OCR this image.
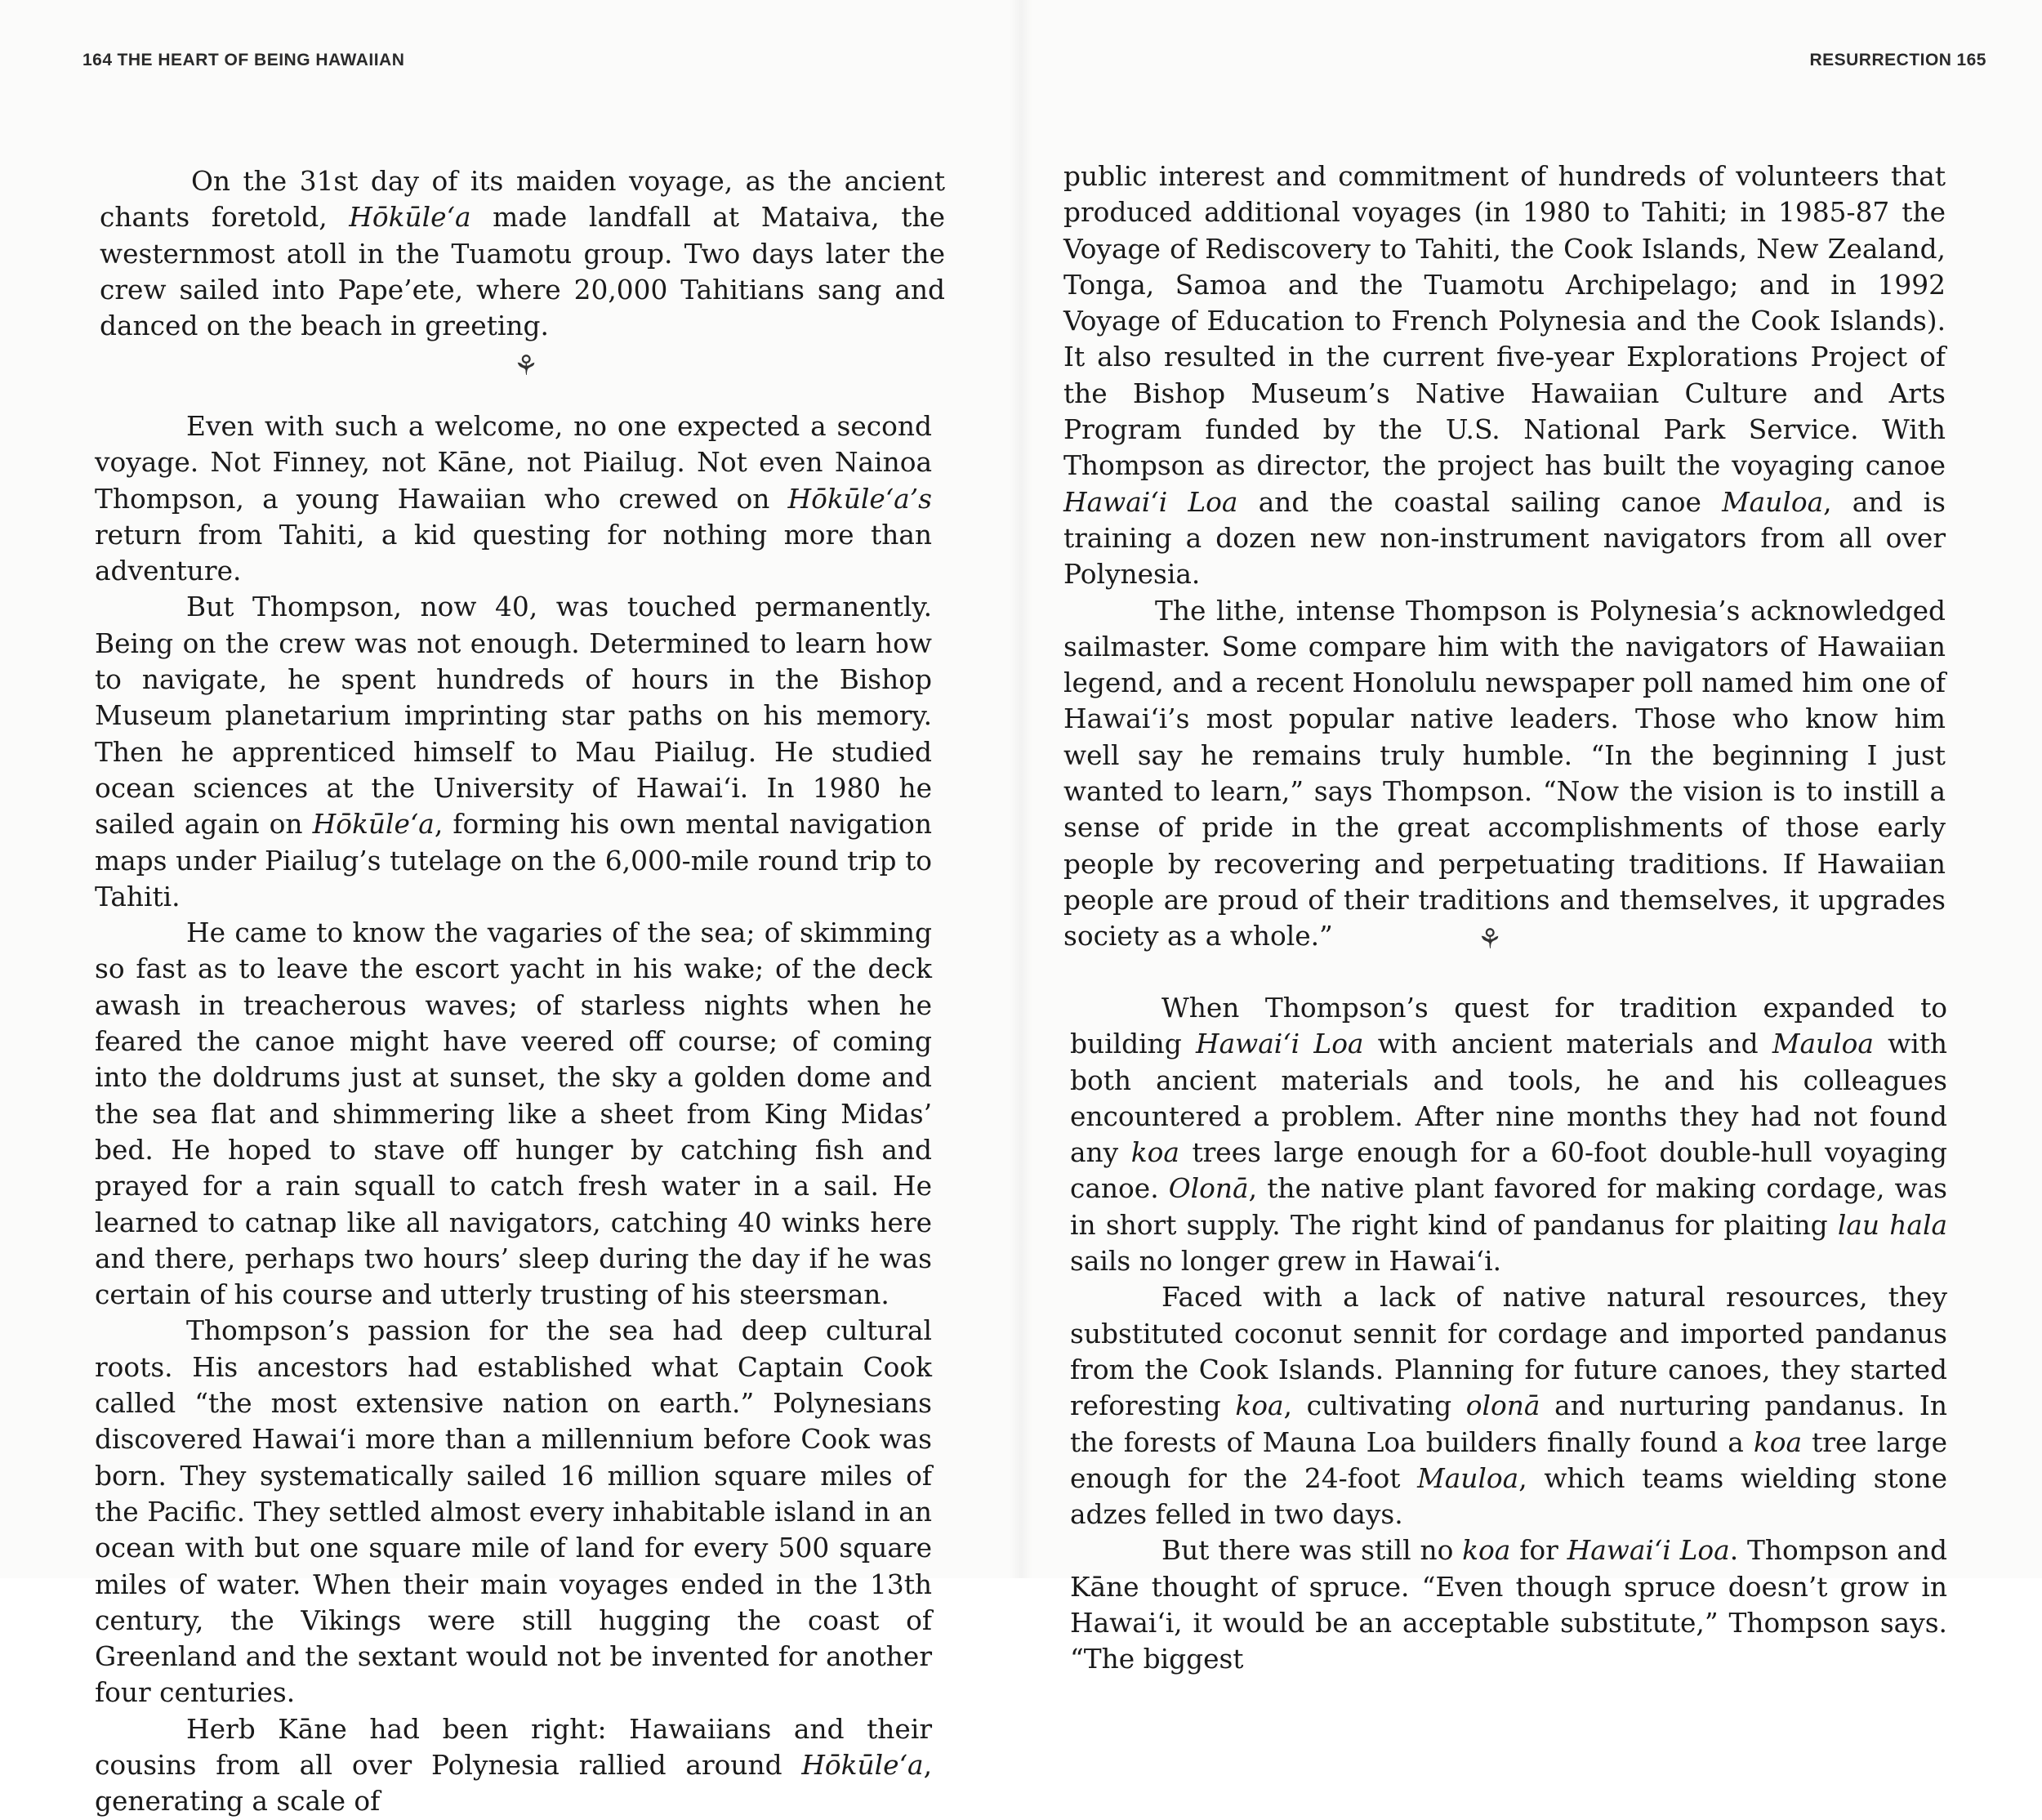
164 THE HEART OF BEING HAWAIIAN

On the 31st day of its maiden voyage, as the ancient chants foretold, Hōkūle‘a made landfall at Mataiva, the westernmost atoll in the Tuamotu group. Two days later the crew sailed into Pape’ete, where 20,000 Tahitians sang and danced on the beach in greeting.

⚘

Even with such a welcome, no one expected a second voyage. Not Finney, not Kāne, not Piailug. Not even Nainoa Thompson, a young Hawaiian who crewed on Hōkūle‘a’s return from Tahiti, a kid questing for nothing more than adventure.

But Thompson, now 40, was touched permanently. Being on the crew was not enough. Determined to learn how to navigate, he spent hundreds of hours in the Bishop Museum planetarium imprinting star paths on his memory. Then he apprenticed himself to Mau Piailug. He studied ocean sciences at the University of Hawai‘i. In 1980 he sailed again on Hōkūle‘a, forming his own mental navigation maps under Piailug’s tutelage on the 6,000-mile round trip to Tahiti.

He came to know the vagaries of the sea; of skimming so fast as to leave the escort yacht in his wake; of the deck awash in treacherous waves; of starless nights when he feared the canoe might have veered off course; of coming into the doldrums just at sunset, the sky a golden dome and the sea flat and shimmering like a sheet from King Midas’ bed. He hoped to stave off hunger by catching fish and prayed for a rain squall to catch fresh water in a sail. He learned to catnap like all navigators, catching 40 winks here and there, perhaps two hours’ sleep during the day if he was certain of his course and utterly trusting of his steersman.

Thompson’s passion for the sea had deep cultural roots. His ancestors had established what Captain Cook called “the most extensive nation on earth.” Polynesians discovered Hawai‘i more than a millennium before Cook was born. They systematically sailed 16 million square miles of the Pacific. They settled almost every inhabitable island in an ocean with but one square mile of land for every 500 square miles of water. When their main voyages ended in the 13th century, the Vikings were still hugging the coast of Greenland and the sextant would not be invented for another four centuries.

Herb Kāne had been right: Hawaiians and their cousins from all over Polynesia rallied around Hōkūle‘a, generating a scale of

RESURRECTION 165

public interest and commitment of hundreds of volunteers that produced additional voyages (in 1980 to Tahiti; in 1985-87 the Voyage of Rediscovery to Tahiti, the Cook Islands, New Zealand, Tonga, Samoa and the Tuamotu Archipelago; and in 1992 Voyage of Education to French Polynesia and the Cook Islands). It also resulted in the current five-year Explorations Project of the Bishop Museum’s Native Hawaiian Culture and Arts Program funded by the U.S. National Park Service. With Thompson as director, the project has built the voyaging canoe Hawai‘i Loa and the coastal sailing canoe Mauloa, and is training a dozen new non-instrument navigators from all over Polynesia.

The lithe, intense Thompson is Polynesia’s acknowledged sailmaster. Some compare him with the navigators of Hawaiian legend, and a recent Honolulu newspaper poll named him one of Hawai‘i’s most popular native leaders. Those who know him well say he remains truly humble. “In the beginning I just wanted to learn,” says Thompson. “Now the vision is to instill a sense of pride in the great accomplishments of those early people by recovering and perpetuating traditions. If Hawaiian people are proud of their traditions and themselves, it upgrades society as a whole.”	⚘

When Thompson’s quest for tradition expanded to building Hawai‘i Loa with ancient materials and Mauloa with both ancient materials and tools, he and his colleagues encountered a problem. After nine months they had not found any koa trees large enough for a 60-foot double-hull voyaging canoe. Olonā, the native plant favored for making cordage, was in short supply. The right kind of pandanus for plaiting lau hala sails no longer grew in Hawai‘i.

Faced with a lack of native natural resources, they substituted coconut sennit for cordage and imported pandanus from the Cook Islands. Planning for future canoes, they started reforesting koa, cultivating olonā and nurturing pandanus. In the forests of Mauna Loa builders finally found a koa tree large enough for the 24-foot Mauloa, which teams wielding stone adzes felled in two days.

But there was still no koa for Hawai‘i Loa. Thompson and Kāne thought of spruce. “Even though spruce doesn’t grow in Hawai‘i, it would be an acceptable substitute,” Thompson says. “The biggest
